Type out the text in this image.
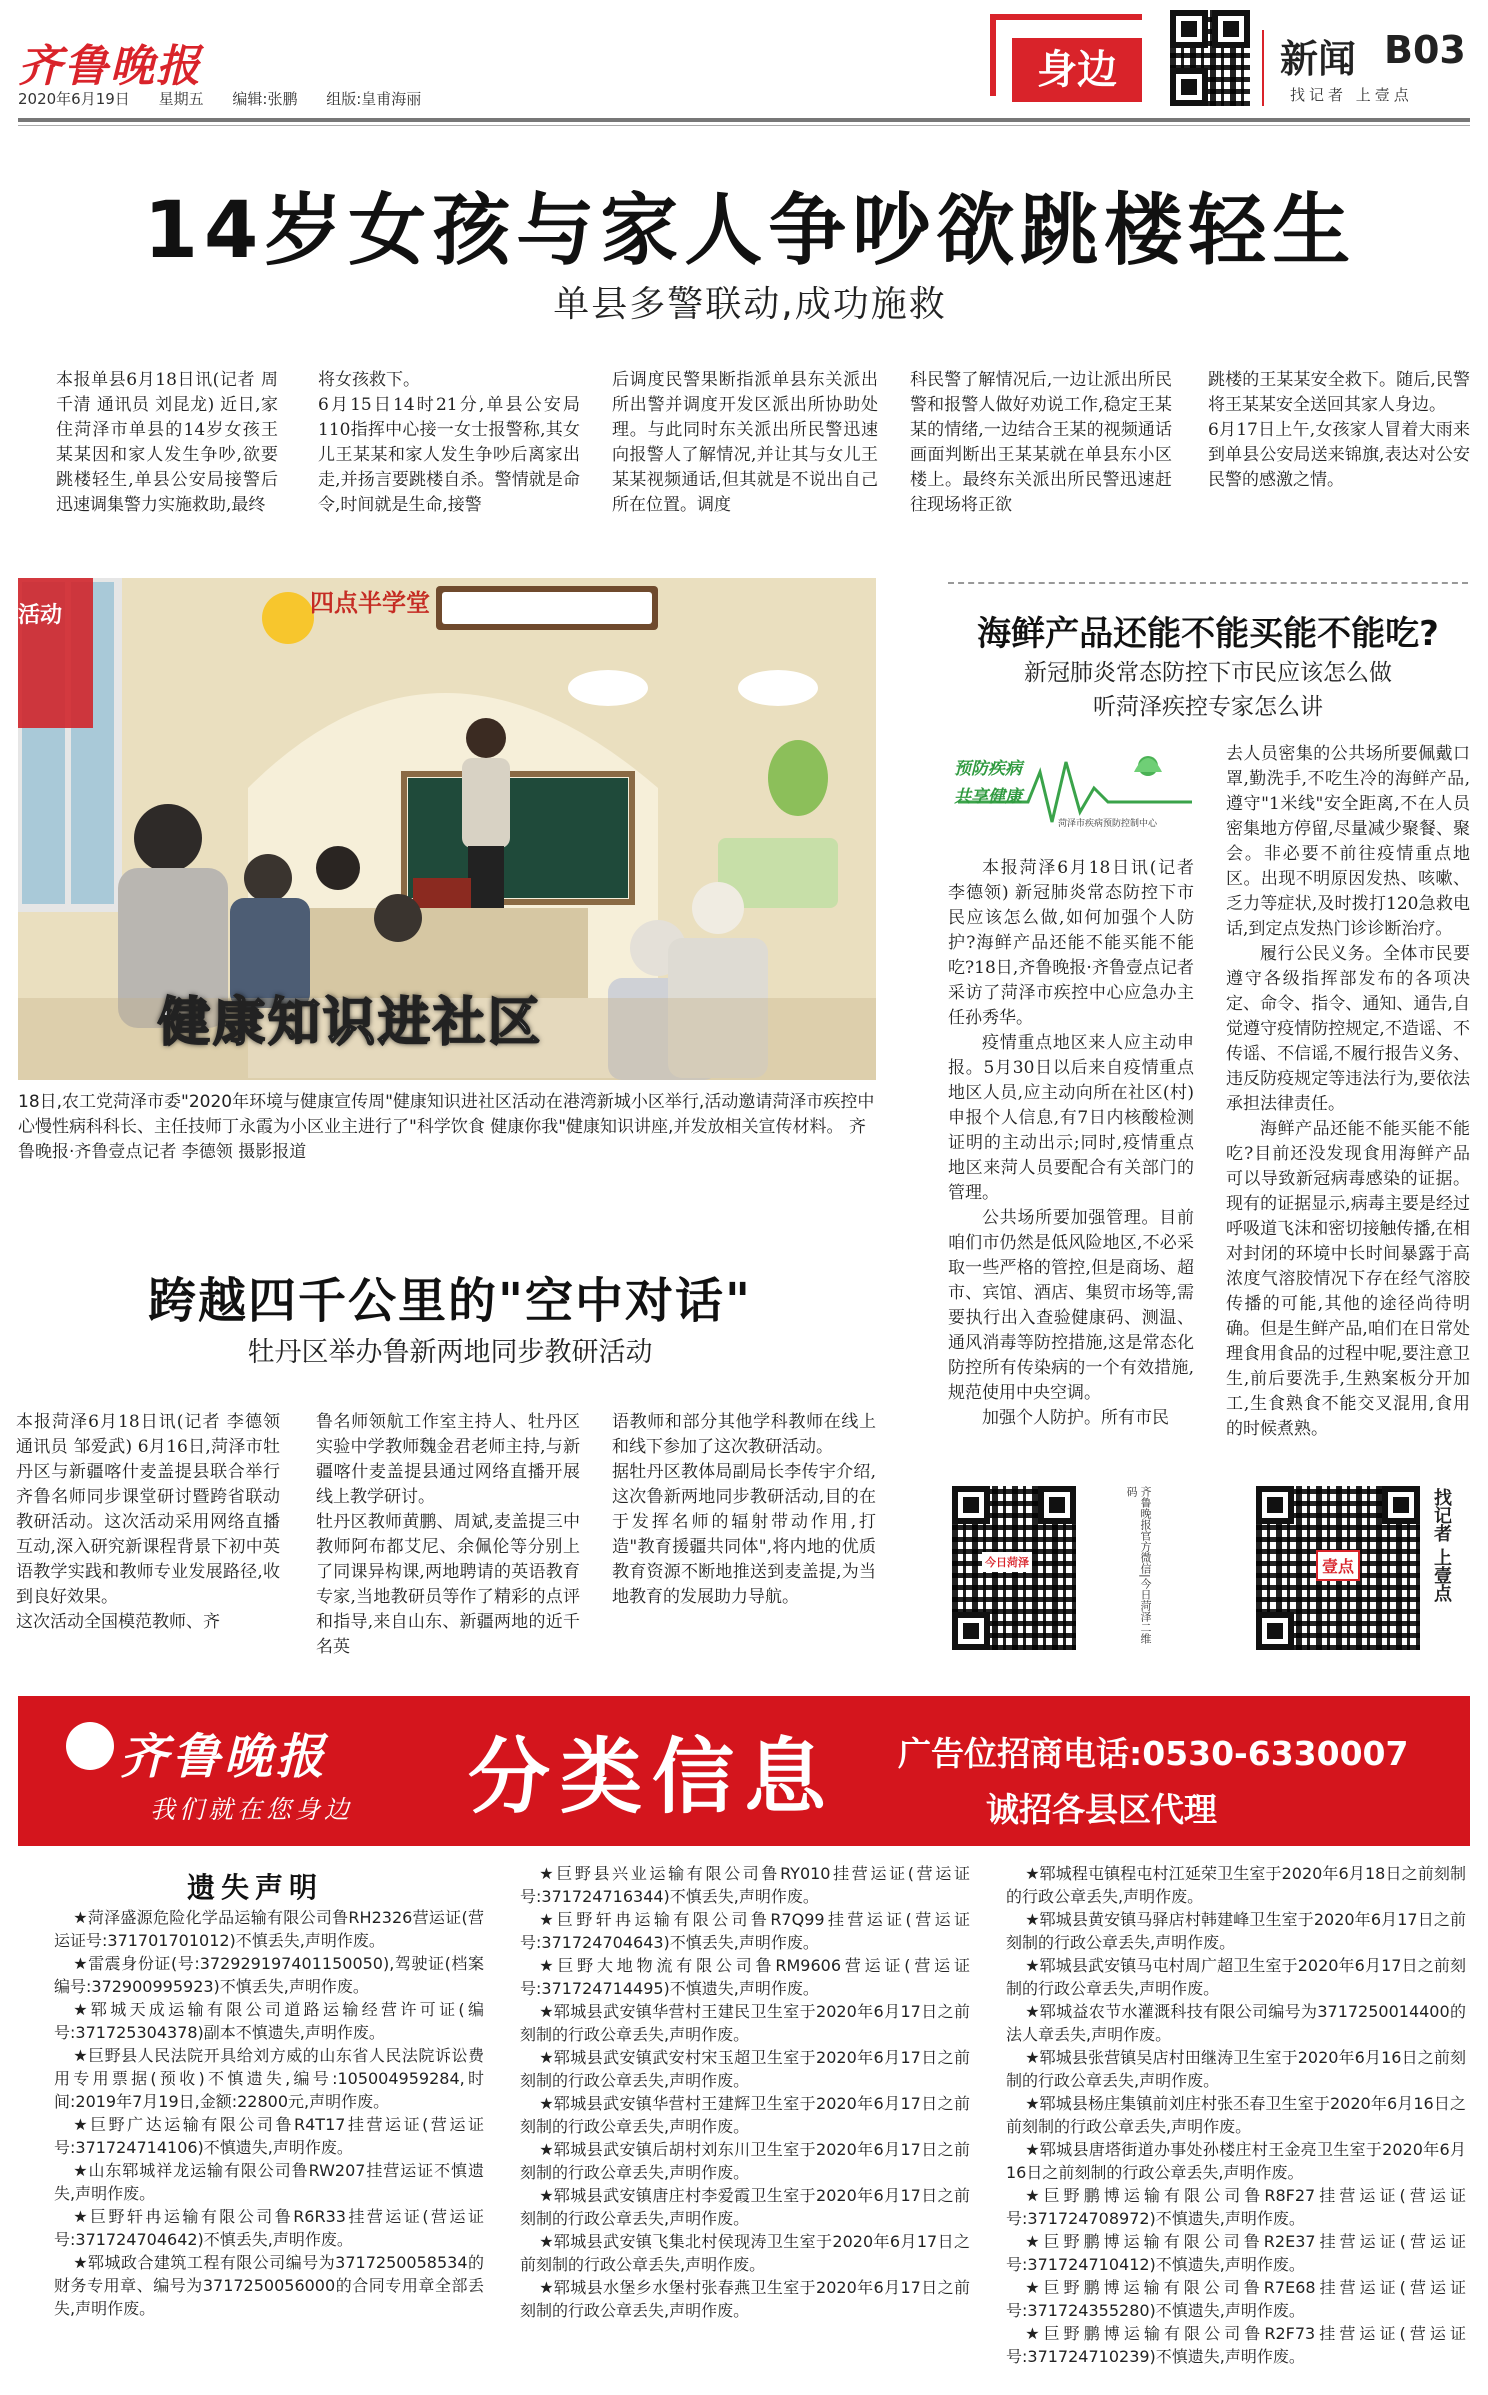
齐鲁晚报
2020年6月19日 星期五 编辑:张鹏 组版:皇甫海丽
身边	新闻 B03
找记者 上壹点
14岁女孩与家人争吵欲跳楼轻生
单县多警联动,成功施救
本报单县6月18日讯(记者 周千清 通讯员 刘昆龙) 近日,家住菏泽市单县的14岁女孩王某某因和家人发生争吵,欲要跳楼轻生,单县公安局接警后迅速调集警力实施救助,最终
将女孩救下。
6月15日14时21分,单县公安局110指挥中心接一女士报警称,其女儿王某某和家人发生争吵后离家出走,并扬言要跳楼自杀。警情就是命令,时间就是生命,接警
后调度民警果断指派单县东关派出所出警并调度开发区派出所协助处理。与此同时东关派出所民警迅速向报警人了解情况,并让其与女儿王某某视频通话,但其就是不说出自己所在位置。调度
科民警了解情况后,一边让派出所民警和报警人做好劝说工作,稳定王某某的情绪,一边结合王某的视频通话画面判断出王某某就在单县东小区楼上。最终东关派出所民警迅速赶往现场将正欲
跳楼的王某某安全救下。随后,民警将王某某安全送回其家人身边。
6月17日上午,女孩家人冒着大雨来到单县公安局送来锦旗,表达对公安民警的感激之情。
四点半学堂
活动
健康知识进社区
18日,农工党菏泽市委"2020年环境与健康宣传周"健康知识进社区活动在港湾新城小区举行,活动邀请菏泽市疾控中心慢性病科科长、主任技师丁永霞为小区业主进行了"科学饮食 健康你我"健康知识讲座,并发放相关宣传材料。 齐鲁晚报·齐鲁壹点记者 李德领 摄影报道
海鲜产品还能不能买能不能吃?
新冠肺炎常态防控下市民应该怎么做
听菏泽疾控专家怎么讲
预防疾病
共享健康
菏泽市疾病预防控制中心
本报菏泽6月18日讯(记者 李德领) 新冠肺炎常态防控下市民应该怎么做,如何加强个人防护?海鲜产品还能不能买能不能吃?18日,齐鲁晚报·齐鲁壹点记者采访了菏泽市疾控中心应急办主任孙秀华。
疫情重点地区来人应主动申报。5月30日以后来自疫情重点地区人员,应主动向所在社区(村)申报个人信息,有7日内核酸检测证明的主动出示;同时,疫情重点地区来菏人员要配合有关部门的管理。
公共场所要加强管理。目前咱们市仍然是低风险地区,不必采取一些严格的管控,但是商场、超市、宾馆、酒店、集贸市场等,需要执行出入查验健康码、测温、通风消毒等防控措施,这是常态化防控所有传染病的一个有效措施,规范使用中央空调。
加强个人防护。所有市民
去人员密集的公共场所要佩戴口罩,勤洗手,不吃生冷的海鲜产品,遵守"1米线"安全距离,不在人员密集地方停留,尽量减少聚餐、聚会。非必要不前往疫情重点地区。出现不明原因发热、咳嗽、乏力等症状,及时拨打120急救电话,到定点发热门诊诊断治疗。
履行公民义务。全体市民要遵守各级指挥部发布的各项决定、命令、指令、通知、通告,自觉遵守疫情防控规定,不造谣、不传谣、不信谣,不履行报告义务、违反防疫规定等违法行为,要依法承担法律责任。
海鲜产品还能不能买能不能吃?目前还没发现食用海鲜产品可以导致新冠病毒感染的证据。现有的证据显示,病毒主要是经过呼吸道飞沫和密切接触传播,在相对封闭的环境中长时间暴露于高浓度气溶胶情况下存在经气溶胶传播的可能,其他的途径尚待明确。但是生鲜产品,咱们在日常处理食用食品的过程中呢,要注意卫生,前后要洗手,生熟案板分开加工,生食熟食不能交叉混用,食用的时候煮熟。
今日菏泽	齐鲁晚报官方微信|今日菏泽二维码
壹点	找记者 上壹点
跨越四千公里的"空中对话"
牡丹区举办鲁新两地同步教研活动
本报菏泽6月18日讯(记者 李德领 通讯员 邹爱武) 6月16日,菏泽市牡丹区与新疆喀什麦盖提县联合举行齐鲁名师同步课堂研讨暨跨省联动教研活动。这次活动采用网络直播互动,深入研究新课程背景下初中英语教学实践和教师专业发展路径,收到良好效果。
这次活动全国模范教师、齐
鲁名师领航工作室主持人、牡丹区实验中学教师魏金君老师主持,与新疆喀什麦盖提县通过网络直播开展线上教学研讨。
牡丹区教师黄鹏、周斌,麦盖提三中教师阿布都艾尼、余佩伦等分别上了同课异构课,两地聘请的英语教育专家,当地教研员等作了精彩的点评和指导,来自山东、新疆两地的近千名英
语教师和部分其他学科教师在线上和线下参加了这次教研活动。
据牡丹区教体局副局长李传宇介绍,这次鲁新两地同步教研活动,目的在于发挥名师的辐射带动作用,打造"教育援疆共同体",将内地的优质教育资源不断地推送到麦盖提,为当地教育的发展助力导航。
齐鲁晚报
我们就在您身边 分类信息 广告位招商电话:0530-6330007
诚招各县区代理
遗失声明

★菏泽盛源危险化学品运输有限公司鲁RH2326营运证(营运证号:371701701012)不慎丢失,声明作废。

★雷震身份证(号:372929197401150050),驾驶证(档案编号:372900995923)不慎丢失,声明作废。

★郓城天成运输有限公司道路运输经营许可证(编号:371725304378)副本不慎遗失,声明作废。

★巨野县人民法院开具给刘方威的山东省人民法院诉讼费用专用票据(预收)不慎遗失,编号:105004959284,时间:2019年7月19日,金额:22800元,声明作废。

★巨野广达运输有限公司鲁R4T17挂营运证(营运证号:371724714106)不慎遗失,声明作废。

★山东郓城祥龙运输有限公司鲁RW207挂营运证不慎遗失,声明作废。

★巨野轩冉运输有限公司鲁R6R33挂营运证(营运证号:371724704642)不慎丢失,声明作废。

★郓城政合建筑工程有限公司编号为3717250058534的财务专用章、编号为3717250056000的合同专用章全部丢失,声明作废。

★巨野县兴业运输有限公司鲁RY010挂营运证(营运证号:371724716344)不慎丢失,声明作废。

★巨野轩冉运输有限公司鲁R7Q99挂营运证(营运证号:371724704643)不慎丢失,声明作废。

★巨野大地物流有限公司鲁RM9606营运证(营运证号:371724714495)不慎遗失,声明作废。

★郓城县武安镇华营村王建民卫生室于2020年6月17日之前刻制的行政公章丢失,声明作废。

★郓城县武安镇武安村宋玉超卫生室于2020年6月17日之前刻制的行政公章丢失,声明作废。

★郓城县武安镇华营村王建辉卫生室于2020年6月17日之前刻制的行政公章丢失,声明作废。

★郓城县武安镇后胡村刘东川卫生室于2020年6月17日之前刻制的行政公章丢失,声明作废。

★郓城县武安镇唐庄村李爱霞卫生室于2020年6月17日之前刻制的行政公章丢失,声明作废。

★郓城县武安镇飞集北村侯现涛卫生室于2020年6月17日之前刻制的行政公章丢失,声明作废。

★郓城县水堡乡水堡村张春燕卫生室于2020年6月17日之前刻制的行政公章丢失,声明作废。

★郓城程屯镇程屯村江延荣卫生室于2020年6月18日之前刻制的行政公章丢失,声明作废。

★郓城县黄安镇马驿店村韩建峰卫生室于2020年6月17日之前刻制的行政公章丢失,声明作废。

★郓城县武安镇马屯村周广超卫生室于2020年6月17日之前刻制的行政公章丢失,声明作废。

★郓城益农节水灌溉科技有限公司编号为3717250014400的法人章丢失,声明作废。

★郓城县张营镇吴店村田继涛卫生室于2020年6月16日之前刻制的行政公章丢失,声明作废。

★郓城县杨庄集镇前刘庄村张丕春卫生室于2020年6月16日之前刻制的行政公章丢失,声明作废。

★郓城县唐塔街道办事处孙楼庄村王金亮卫生室于2020年6月16日之前刻制的行政公章丢失,声明作废。

★巨野鹏博运输有限公司鲁R8F27挂营运证(营运证号:371724708972)不慎遗失,声明作废。

★巨野鹏博运输有限公司鲁R2E37挂营运证(营运证号:371724710412)不慎遗失,声明作废。

★巨野鹏博运输有限公司鲁R7E68挂营运证(营运证号:371724355280)不慎遗失,声明作废。

★巨野鹏博运输有限公司鲁R2F73挂营运证(营运证号:371724710239)不慎遗失,声明作废。
